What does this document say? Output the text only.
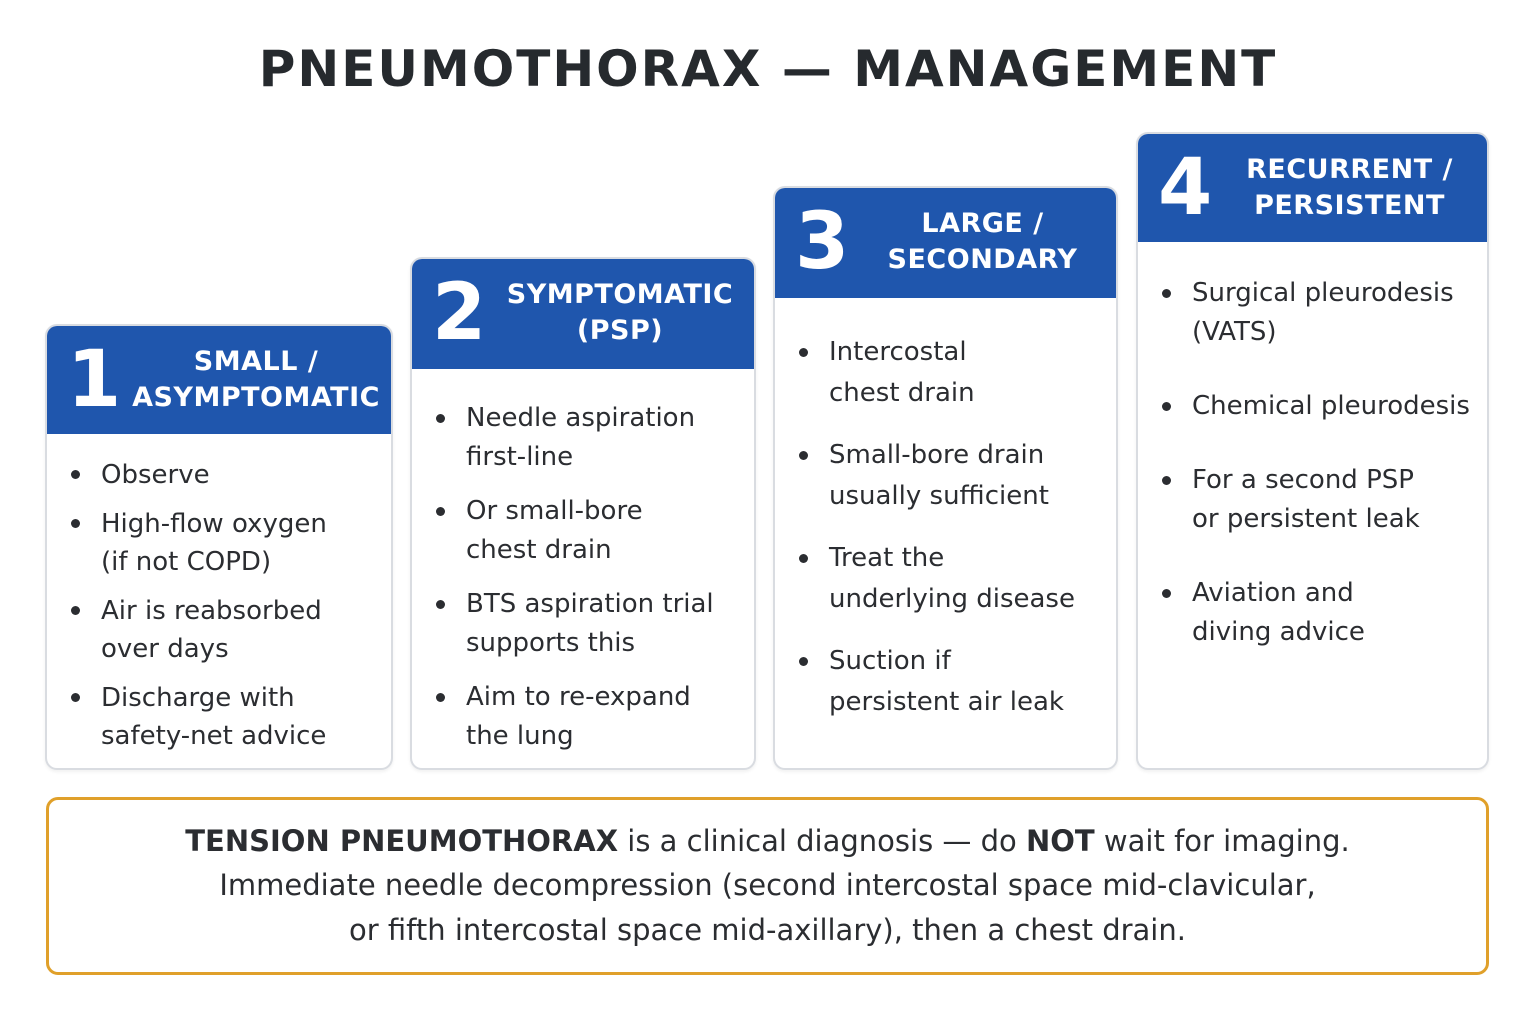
PNEUMOTHORAX — MANAGEMENT
1	SMALL /
ASYMPTOMATIC
Observe
High-flow oxygen
(if not COPD)
Air is reabsorbed
over days
Discharge with
safety-net advice
2 SYMPTOMATIC
(PSP)
Needle aspiration
first-line
Or small-bore
chest drain
BTS aspiration trial
supports this
Aim to re-expand
the lung
3	LARGE /
SECONDARY
Intercostal
chest drain
Small-bore drain
usually sufficient
Treat the
underlying disease
Suction if
persistent air leak
4 RECURRENT /
PERSISTENT
Surgical pleurodesis
(VATS)
Chemical pleurodesis
For a second PSP
or persistent leak
Aviation and
diving advice
TENSION PNEUMOTHORAX is a clinical diagnosis — do NOT wait for imaging.
Immediate needle decompression (second intercostal space mid-clavicular,
or fifth intercostal space mid-axillary), then a chest drain.
